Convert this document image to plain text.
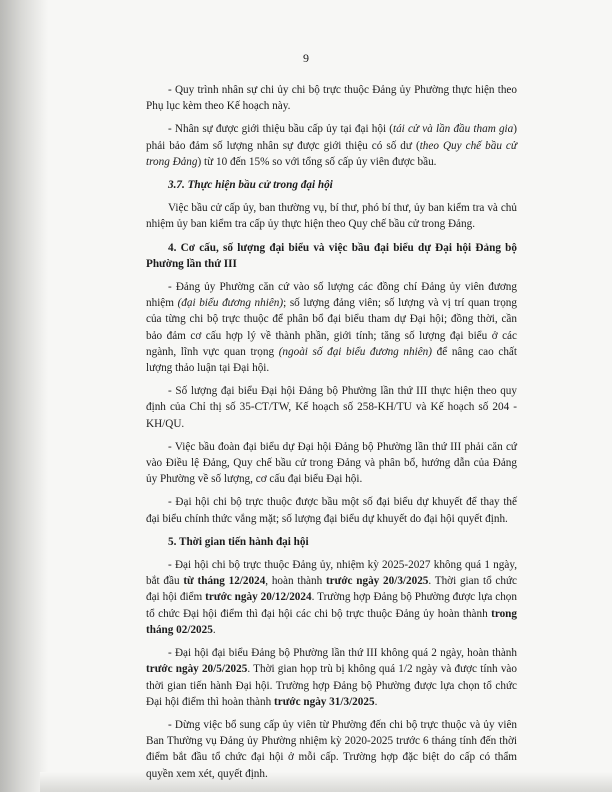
9

- Quy trình nhân sự chi ủy chi bộ trực thuộc Đảng ủy Phường thực hiện theo Phụ lục kèm theo Kế hoạch này.

- Nhân sự được giới thiệu bầu cấp ủy tại đại hội (tái cử và lần đầu tham gia) phải bảo đảm số lượng nhân sự được giới thiệu có số dư (theo Quy chế bầu cử trong Đảng) từ 10 đến 15% so với tổng số cấp ủy viên được bầu.

3.7. Thực hiện bầu cử trong đại hội

Việc bầu cử cấp ủy, ban thường vụ, bí thư, phó bí thư, ủy ban kiểm tra và chủ nhiệm ủy ban kiểm tra cấp ủy thực hiện theo Quy chế bầu cử trong Đảng.

4. Cơ cấu, số lượng đại biểu và việc bầu đại biểu dự Đại hội Đảng bộ Phường lần thứ III

- Đảng ủy Phường căn cứ vào số lượng các đồng chí Đảng ủy viên đương nhiệm (đại biểu đương nhiên); số lượng đảng viên; số lượng và vị trí quan trọng của từng chi bộ trực thuộc để phân bổ đại biểu tham dự Đại hội; đồng thời, cần bảo đảm cơ cấu hợp lý về thành phần, giới tính; tăng số lượng đại biểu ở các ngành, lĩnh vực quan trọng (ngoài số đại biểu đương nhiên) để nâng cao chất lượng thảo luận tại Đại hội.

- Số lượng đại biểu Đại hội Đảng bộ Phường lần thứ III thực hiện theo quy định của Chỉ thị số 35-CT/TW, Kế hoạch số 258-KH/TU và Kế hoạch số 204 -KH/QU.

- Việc bầu đoàn đại biểu dự Đại hội Đảng bộ Phường lần thứ III phải căn cứ vào Điều lệ Đảng, Quy chế bầu cử trong Đảng và phân bổ, hướng dẫn của Đảng ủy Phường về số lượng, cơ cấu đại biểu Đại hội.

- Đại hội chi bộ trực thuộc được bầu một số đại biểu dự khuyết để thay thế đại biểu chính thức vắng mặt; số lượng đại biểu dự khuyết do đại hội quyết định.

5. Thời gian tiến hành đại hội

- Đại hội chi bộ trực thuộc Đảng ủy, nhiệm kỳ 2025-2027 không quá 1 ngày, bắt đầu từ tháng 12/2024, hoàn thành trước ngày 20/3/2025. Thời gian tổ chức đại hội điểm trước ngày 20/12/2024. Trường hợp Đảng bộ Phường được lựa chọn tổ chức Đại hội điểm thì đại hội các chi bộ trực thuộc Đảng ủy hoàn thành trong tháng 02/2025.

- Đại hội đại biểu Đảng bộ Phường lần thứ III không quá 2 ngày, hoàn thành trước ngày 20/5/2025. Thời gian họp trù bị không quá 1/2 ngày và được tính vào thời gian tiến hành Đại hội. Trường hợp Đảng bộ Phường được lựa chọn tổ chức Đại hội điểm thì hoàn thành trước ngày 31/3/2025.

- Dừng việc bổ sung cấp ủy viên từ Phường đến chi bộ trực thuộc và ủy viên Ban Thường vụ Đảng ủy Phường nhiệm kỳ 2020-2025 trước 6 tháng tính đến thời điểm bắt đầu tổ chức đại hội ở mỗi cấp. Trường hợp đặc biệt do cấp có thẩm quyền xem xét, quyết định.
